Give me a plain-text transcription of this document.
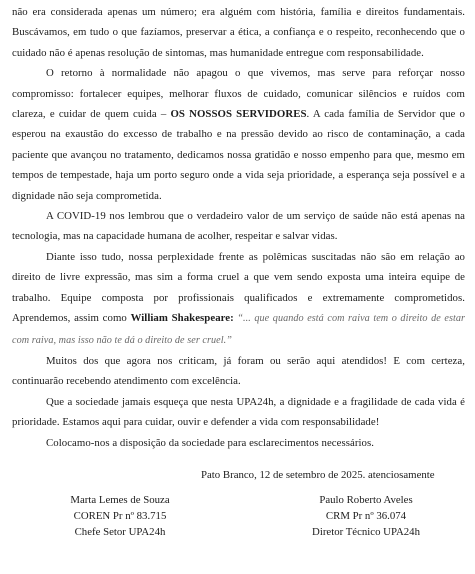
não era considerada apenas um número; era alguém com história, família e direitos fundamentais. Buscávamos, em tudo o que fazíamos, preservar a ética, a confiança e o respeito, reconhecendo que o cuidado não é apenas resolução de sintomas, mas humanidade entregue com responsabilidade.

O retorno à normalidade não apagou o que vivemos, mas serve para reforçar nosso compromisso: fortalecer equipes, melhorar fluxos de cuidado, comunicar silêncios e ruídos com clareza, e cuidar de quem cuida – OS NOSSOS SERVIDORES. A cada família de Servidor que o esperou na exaustão do excesso de trabalho e na pressão devido ao risco de contaminação, a cada paciente que avançou no tratamento, dedicamos nossa gratidão e nosso empenho para que, mesmo em tempos de tempestade, haja um porto seguro onde a vida seja prioridade, a esperança seja possível e a dignidade não seja comprometida.

A COVID-19 nos lembrou que o verdadeiro valor de um serviço de saúde não está apenas na tecnologia, mas na capacidade humana de acolher, respeitar e salvar vidas.

Diante isso tudo, nossa perplexidade frente as polêmicas suscitadas não são em relação ao direito de livre expressão, mas sim a forma cruel a que vem sendo exposta uma inteira equipe de trabalho. Equipe composta por profissionais qualificados e extremamente comprometidos. Aprendemos, assim como William Shakespeare: “... que quando está com raiva tem o direito de estar com raiva, mas isso não te dá o direito de ser cruel.”

Muitos dos que agora nos criticam, já foram ou serão aqui atendidos! E com certeza, continuarão recebendo atendimento com excelência.

Que a sociedade jamais esqueça que nesta UPA24h, a dignidade e a fragilidade de cada vida é prioridade. Estamos aqui para cuidar, ouvir e defender a vida com responsabilidade!

Colocamo-nos a disposição da sociedade para esclarecimentos necessários.

Pato Branco, 12 de setembro de 2025. atenciosamente
Marta Lemes de Souza
COREN Pr nº 83.715
Chefe Setor UPA24h
Paulo Roberto Aveles
CRM Pr nº 36.074
Diretor Técnico UPA24h
